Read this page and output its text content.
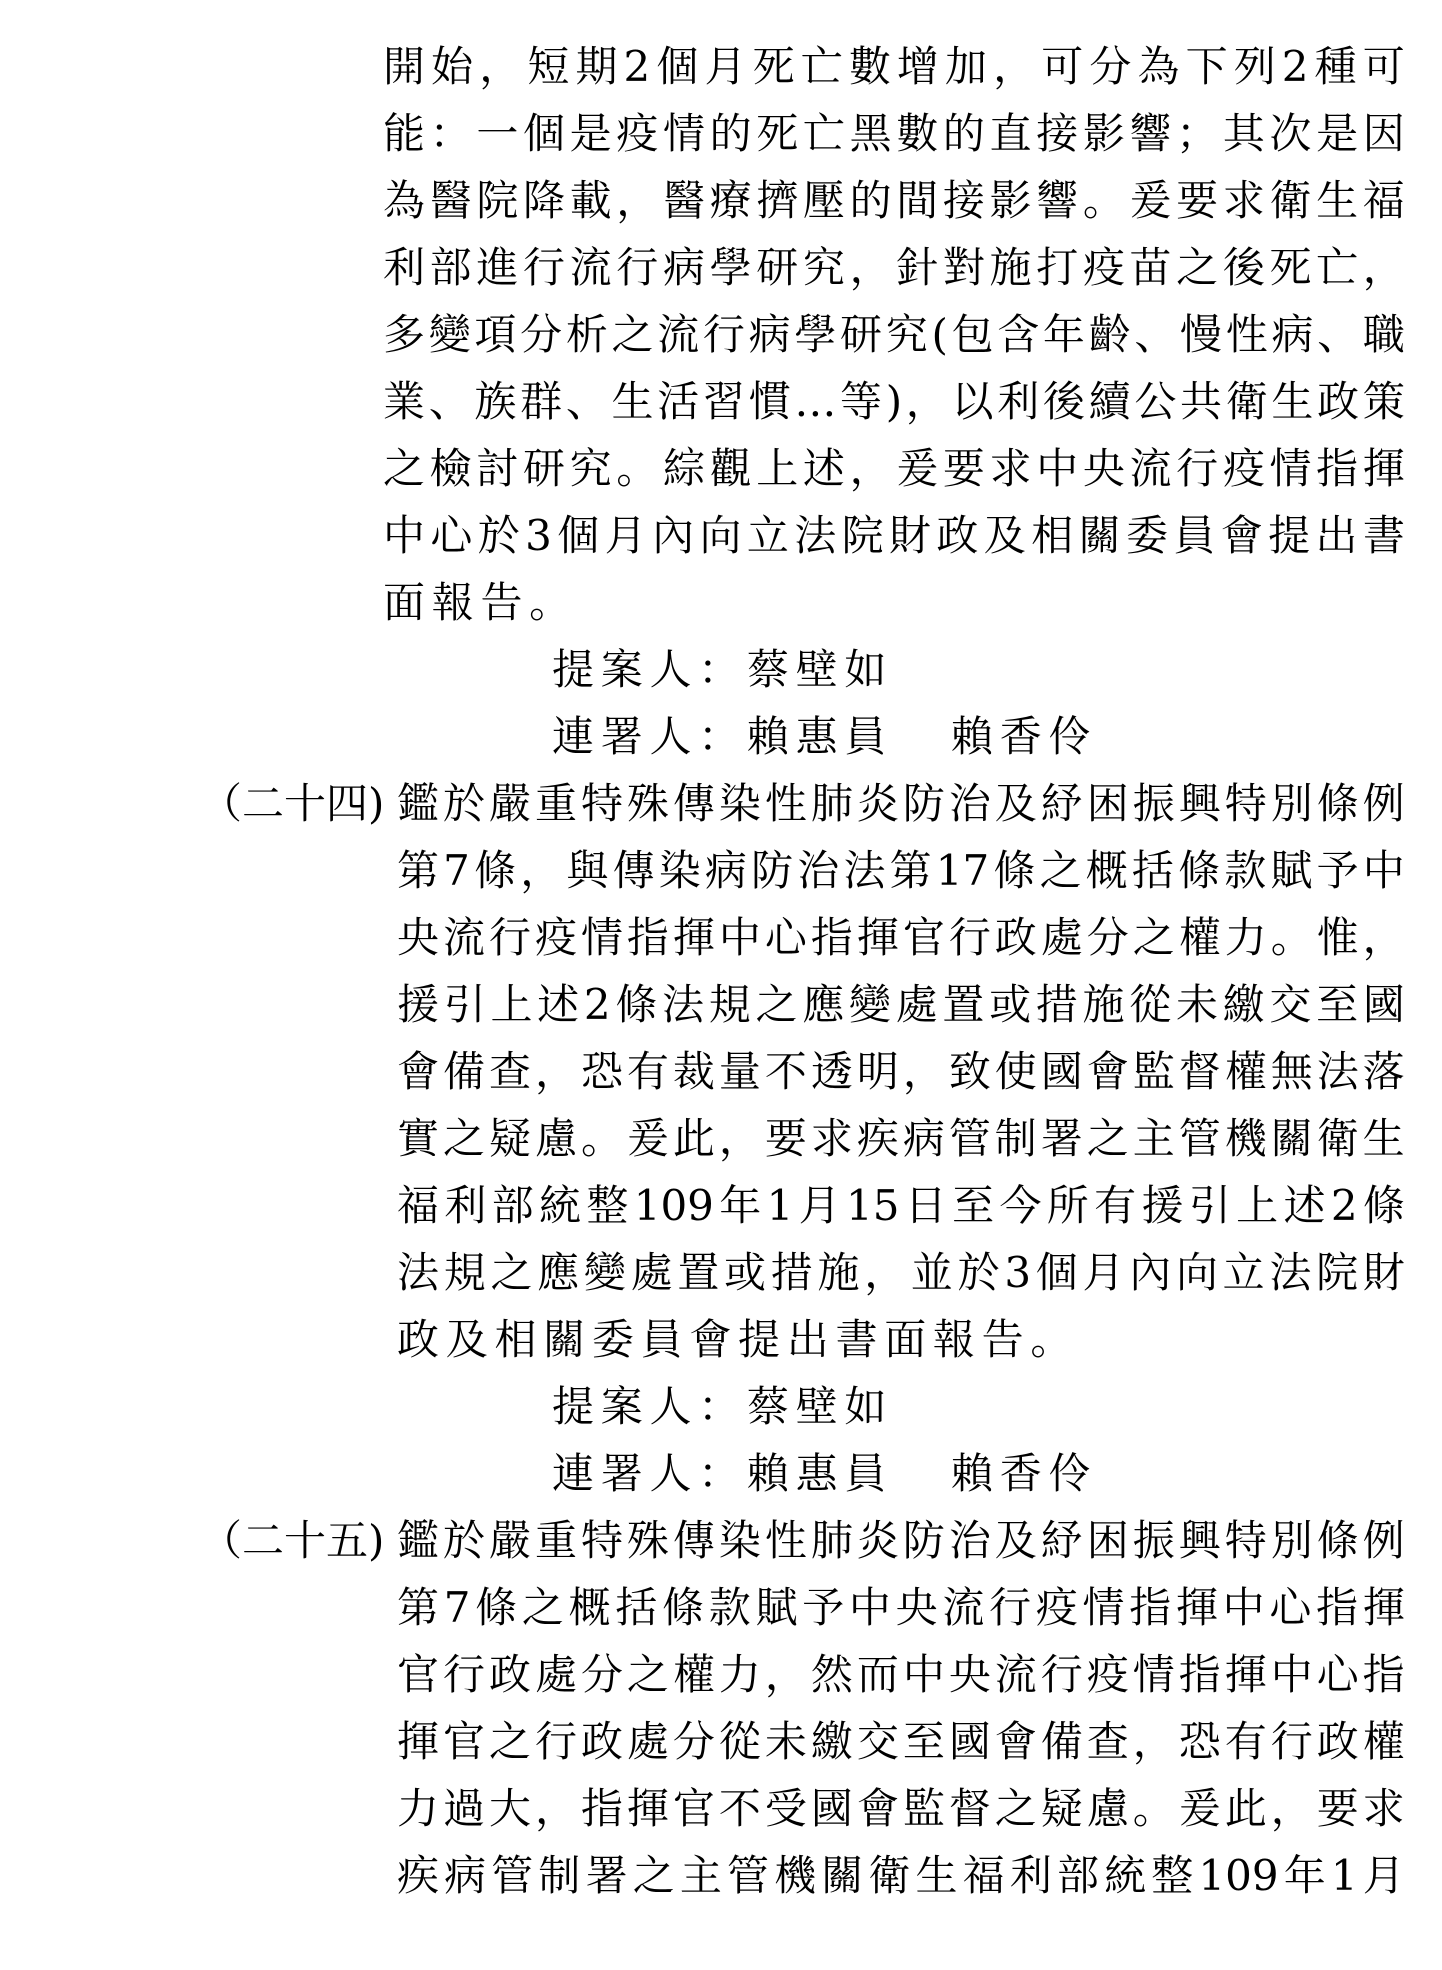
開 始 ， 短 期 2 個 月 死 亡 數 增 加 ， 可 分 為 下 列 2 種 可
能 ： 一 個 是 疫 情 的 死 亡 黑 數 的 直 接 影 響 ； 其 次 是 因
為 醫 院 降 載 ， 醫 療 擠 壓 的 間 接 影 響 。 爰 要 求 衛 生 福
利 部 進 行 流 行 病 學 研 究 ， 針 對 施 打 疫 苗 之 後 死 亡 ，
多 變 項 分 析 之 流 行 病 學 研 究 ( 包 含 年 齡 、 慢 性 病 、 職
業 、 族 群 、 生 活 習 慣 … 等 ) ， 以 利 後 續 公 共 衛 生 政 策
之 檢 討 研 究 。 綜 觀 上 述 ， 爰 要 求 中 央 流 行 疫 情 指 揮
中 心 於 3 個 月 內 向 立 法 院 財 政 及 相 關 委 員 會 提 出 書
面報告。
提案人：蔡壁如
連署人：賴惠員 賴香伶
（二十四) 鑑 於 嚴 重 特 殊 傳 染 性 肺 炎 防 治 及 紓 困 振 興 特 別 條 例
第 7 條 ， 與 傳 染 病 防 治 法 第 17 條 之 概 括 條 款 賦 予 中
央 流 行 疫 情 指 揮 中 心 指 揮 官 行 政 處 分 之 權 力 。 惟 ，
援 引 上 述 2 條 法 規 之 應 變 處 置 或 措 施 從 未 繳 交 至 國
會 備 查 ， 恐 有 裁 量 不 透 明 ， 致 使 國 會 監 督 權 無 法 落
實 之 疑 慮 。 爰 此 ， 要 求 疾 病 管 制 署 之 主 管 機 關 衛 生
福 利 部 統 整 109 年 1 月 15 日 至 今 所 有 援 引 上 述 2 條
法 規 之 應 變 處 置 或 措 施 ， 並 於 3 個 月 內 向 立 法 院 財
政及相關委員會提出書面報告。
提案人：蔡壁如
連署人：賴惠員 賴香伶
（二十五) 鑑 於 嚴 重 特 殊 傳 染 性 肺 炎 防 治 及 紓 困 振 興 特 別 條 例
第 7 條 之 概 括 條 款 賦 予 中 央 流 行 疫 情 指 揮 中 心 指 揮
官 行 政 處 分 之 權 力 ， 然 而 中 央 流 行 疫 情 指 揮 中 心 指
揮 官 之 行 政 處 分 從 未 繳 交 至 國 會 備 查 ， 恐 有 行 政 權
力 過 大 ， 指 揮 官 不 受 國 會 監 督 之 疑 慮 。 爰 此 ， 要 求
疾 病 管 制 署 之 主 管 機 關 衛 生 福 利 部 統 整 109 年 1 月
